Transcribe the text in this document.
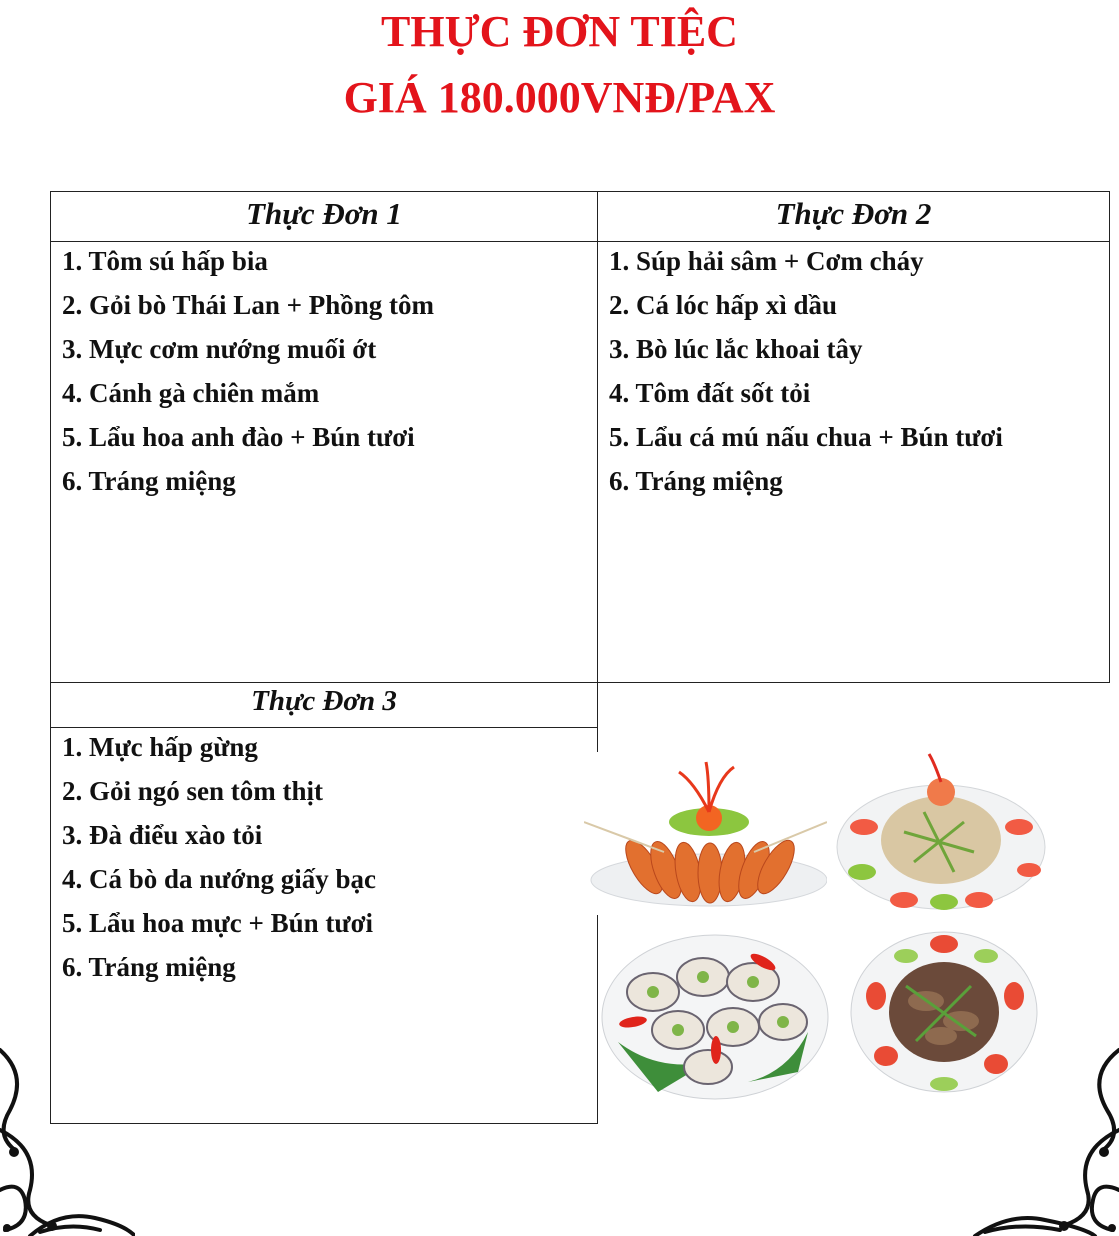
THỰC ĐƠN TIỆC
GIÁ 180.000VNĐ/PAX
Thực Đơn 1
1. Tôm sú hấp bia
2. Gỏi bò Thái Lan + Phồng tôm
3. Mực cơm nướng muối ớt
4. Cánh gà chiên mắm
5. Lẩu hoa anh đào + Bún tươi
6. Tráng miệng
Thực Đơn 2
1. Súp hải sâm + Cơm cháy
2. Cá lóc hấp xì dầu
3. Bò lúc lắc khoai tây
4. Tôm đất sốt tỏi
5. Lẩu cá mú nấu chua + Bún tươi
6. Tráng miệng
Thực Đơn 3
1. Mực hấp gừng
2. Gỏi ngó sen tôm thịt
3. Đà điểu xào tỏi
4. Cá bò da nướng giấy bạc
5. Lẩu hoa mực + Bún tươi
6. Tráng miệng
